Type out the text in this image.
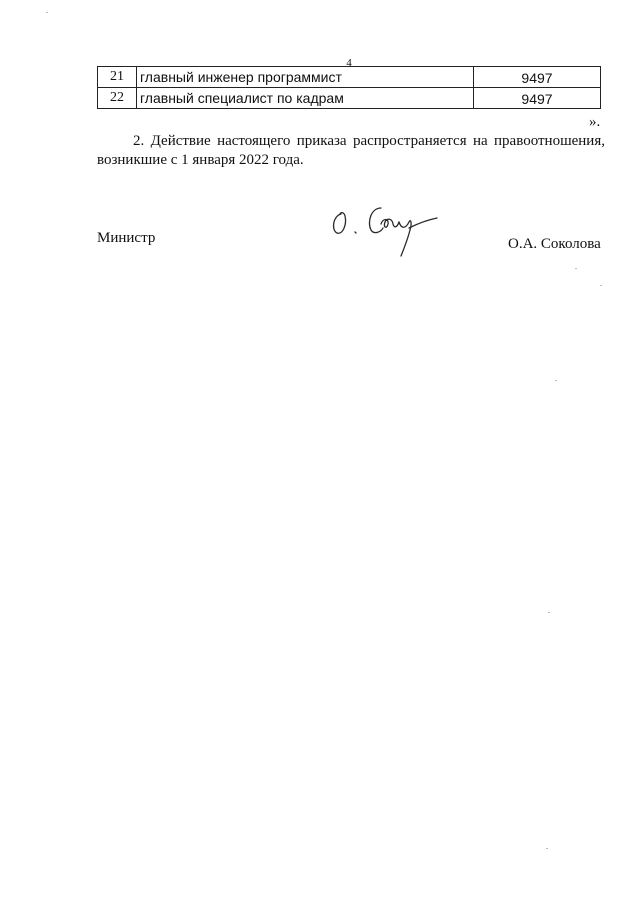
4
21	главный инженер программист	9497
22	главный специалист по кадрам	9497
».
2. Действие настоящего приказа распространяется на правоотношения, возникшие с 1 января 2022 года.
Министр	О.А. Соколова
